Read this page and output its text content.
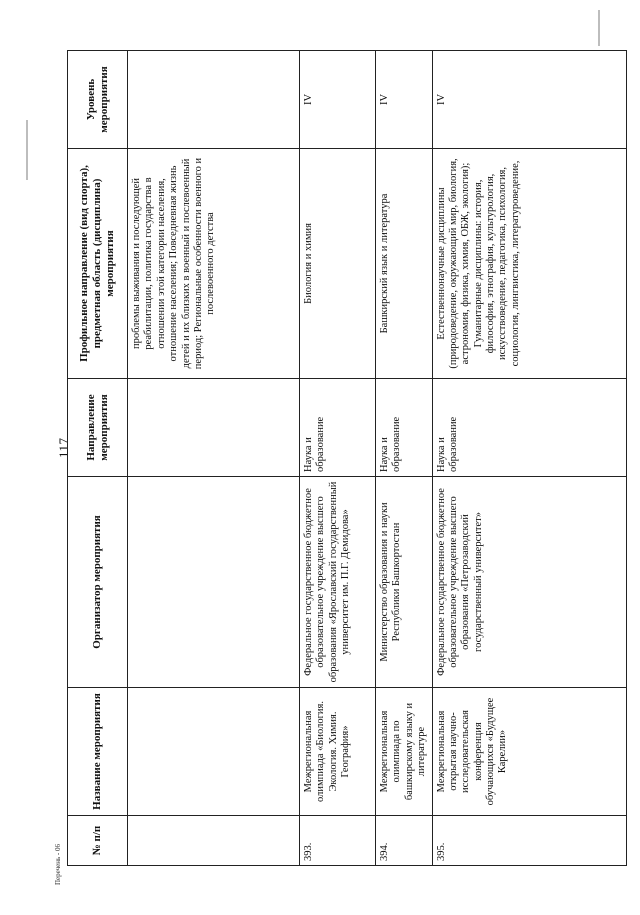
117
Перечень - 06
№ п/п	Название мероприятия	Организатор мероприятия	Направление мероприятия	Профильное направление (вид спорта), предметная область (дисциплина) мероприятия	Уровень мероприятия
				проблемы выживания и последующей реабилитации, политика государства в отношении этой категории населения, отношение населения; Повседневная жизнь детей и их близких в военный и послевоенный период; Региональные особенности военного и послевоенного детства	
393.	Межрегиональная олимпиада «Биология. Экология. Химия. География»	Федеральное государственное бюджетное образовательное учреждение высшего образования «Ярославский государственный университет им. П.Г. Демидова»	Наука и образование	Биология и химия	IV
394.	Межрегиональная олимпиада по башкирскому языку и литературе	Министерство образования и науки Республики Башкортостан	Наука и образование	Башкирский язык и литература	IV
395.	Межрегиональная открытая научно-исследовательская конференция обучающихся «Будущее Карелии»	Федеральное государственное бюджетное образовательное учреждение высшего образования «Петрозаводский государственный университет»	Наука и образование	Естественнонаучные дисциплины (природоведение, окружающий мир, биология, астрономия, физика, химия, ОБЖ, экология); Гуманитарные дисциплины: история, философия, этнография, культурология, искусствоведение, педагогика, психология, социология, лингвистика, литературоведение,	IV
